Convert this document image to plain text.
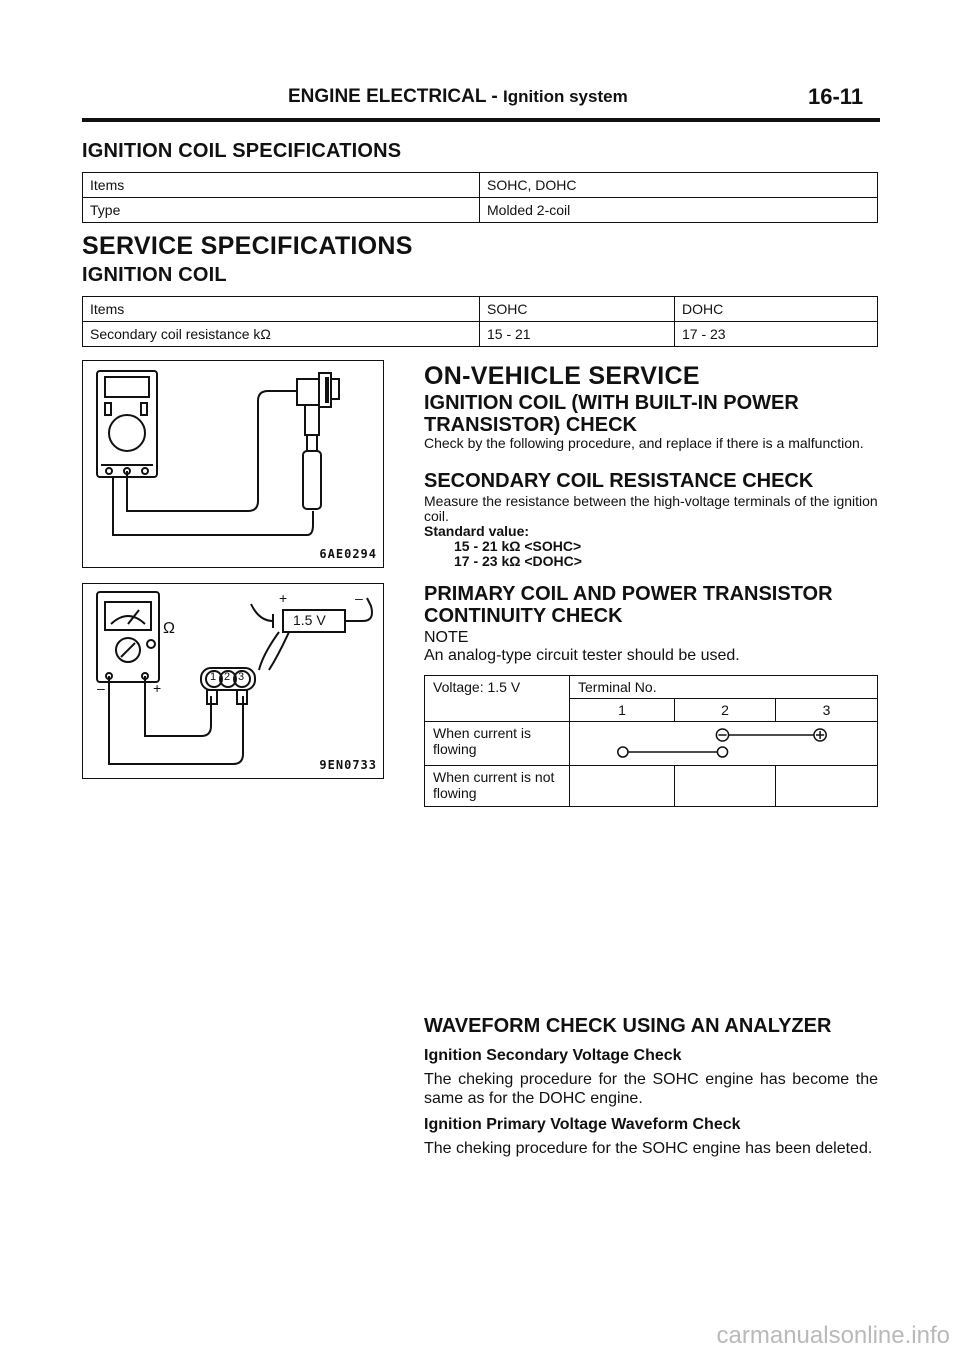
ENGINE ELECTRICAL - Ignition system	16-11
IGNITION COIL SPECIFICATIONS
Items	SOHC, DOHC
Type	Molded 2-coil
SERVICE SPECIFICATIONS
IGNITION COIL
Items	SOHC	DOHC
Secondary coil resistance kΩ	15 - 21	17 - 23
6AE0294
Ω
+	–
1.5 V
–	+
1 2 3
9EN0733
ON-VEHICLE SERVICE
IGNITION COIL (WITH BUILT-IN POWER TRANSISTOR) CHECK
Check by the following procedure, and replace if there is a malfunction.
SECONDARY COIL RESISTANCE CHECK
Measure the resistance between the high-voltage terminals of the ignition coil.
Standard value:
15 - 21 kΩ <SOHC>
17 - 23 kΩ <DOHC>
PRIMARY COIL AND POWER TRANSISTOR CONTINUITY CHECK
NOTE
An analog-type circuit tester should be used.
Voltage: 1.5 V	Terminal No.		
	1	2	3
When current is flowing	
When current is not flowing			
WAVEFORM CHECK USING AN ANALYZER
Ignition Secondary Voltage Check
The cheking procedure for the SOHC engine has become the same as for the DOHC engine.
Ignition Primary Voltage Waveform Check
The cheking procedure for the SOHC engine has been deleted.
carmanualsonline.info
